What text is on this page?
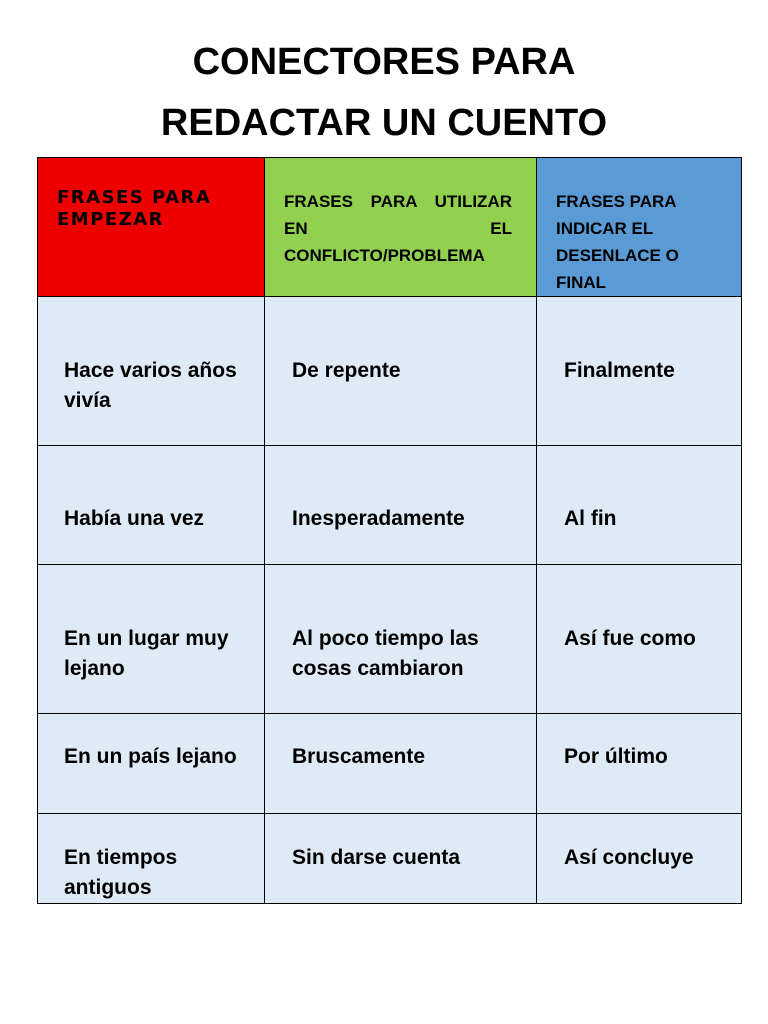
CONECTORES PARA
REDACTAR UN CUENTO
FRASES PARA EMPEZAR	FRASES PARA UTILIZAR EN EL CONFLICTO/PROBLEMA	FRASES PARA INDICAR EL DESENLACE O FINAL

Hace varios años vivía	De repente	Finalmente

Había una vez	Inesperadamente	Al fin

En un lugar muy lejano	Al poco tiempo las cosas cambiaron	Así fue como

En un país lejano	Bruscamente	Por último

En tiempos antiguos	Sin darse cuenta	Así concluye
